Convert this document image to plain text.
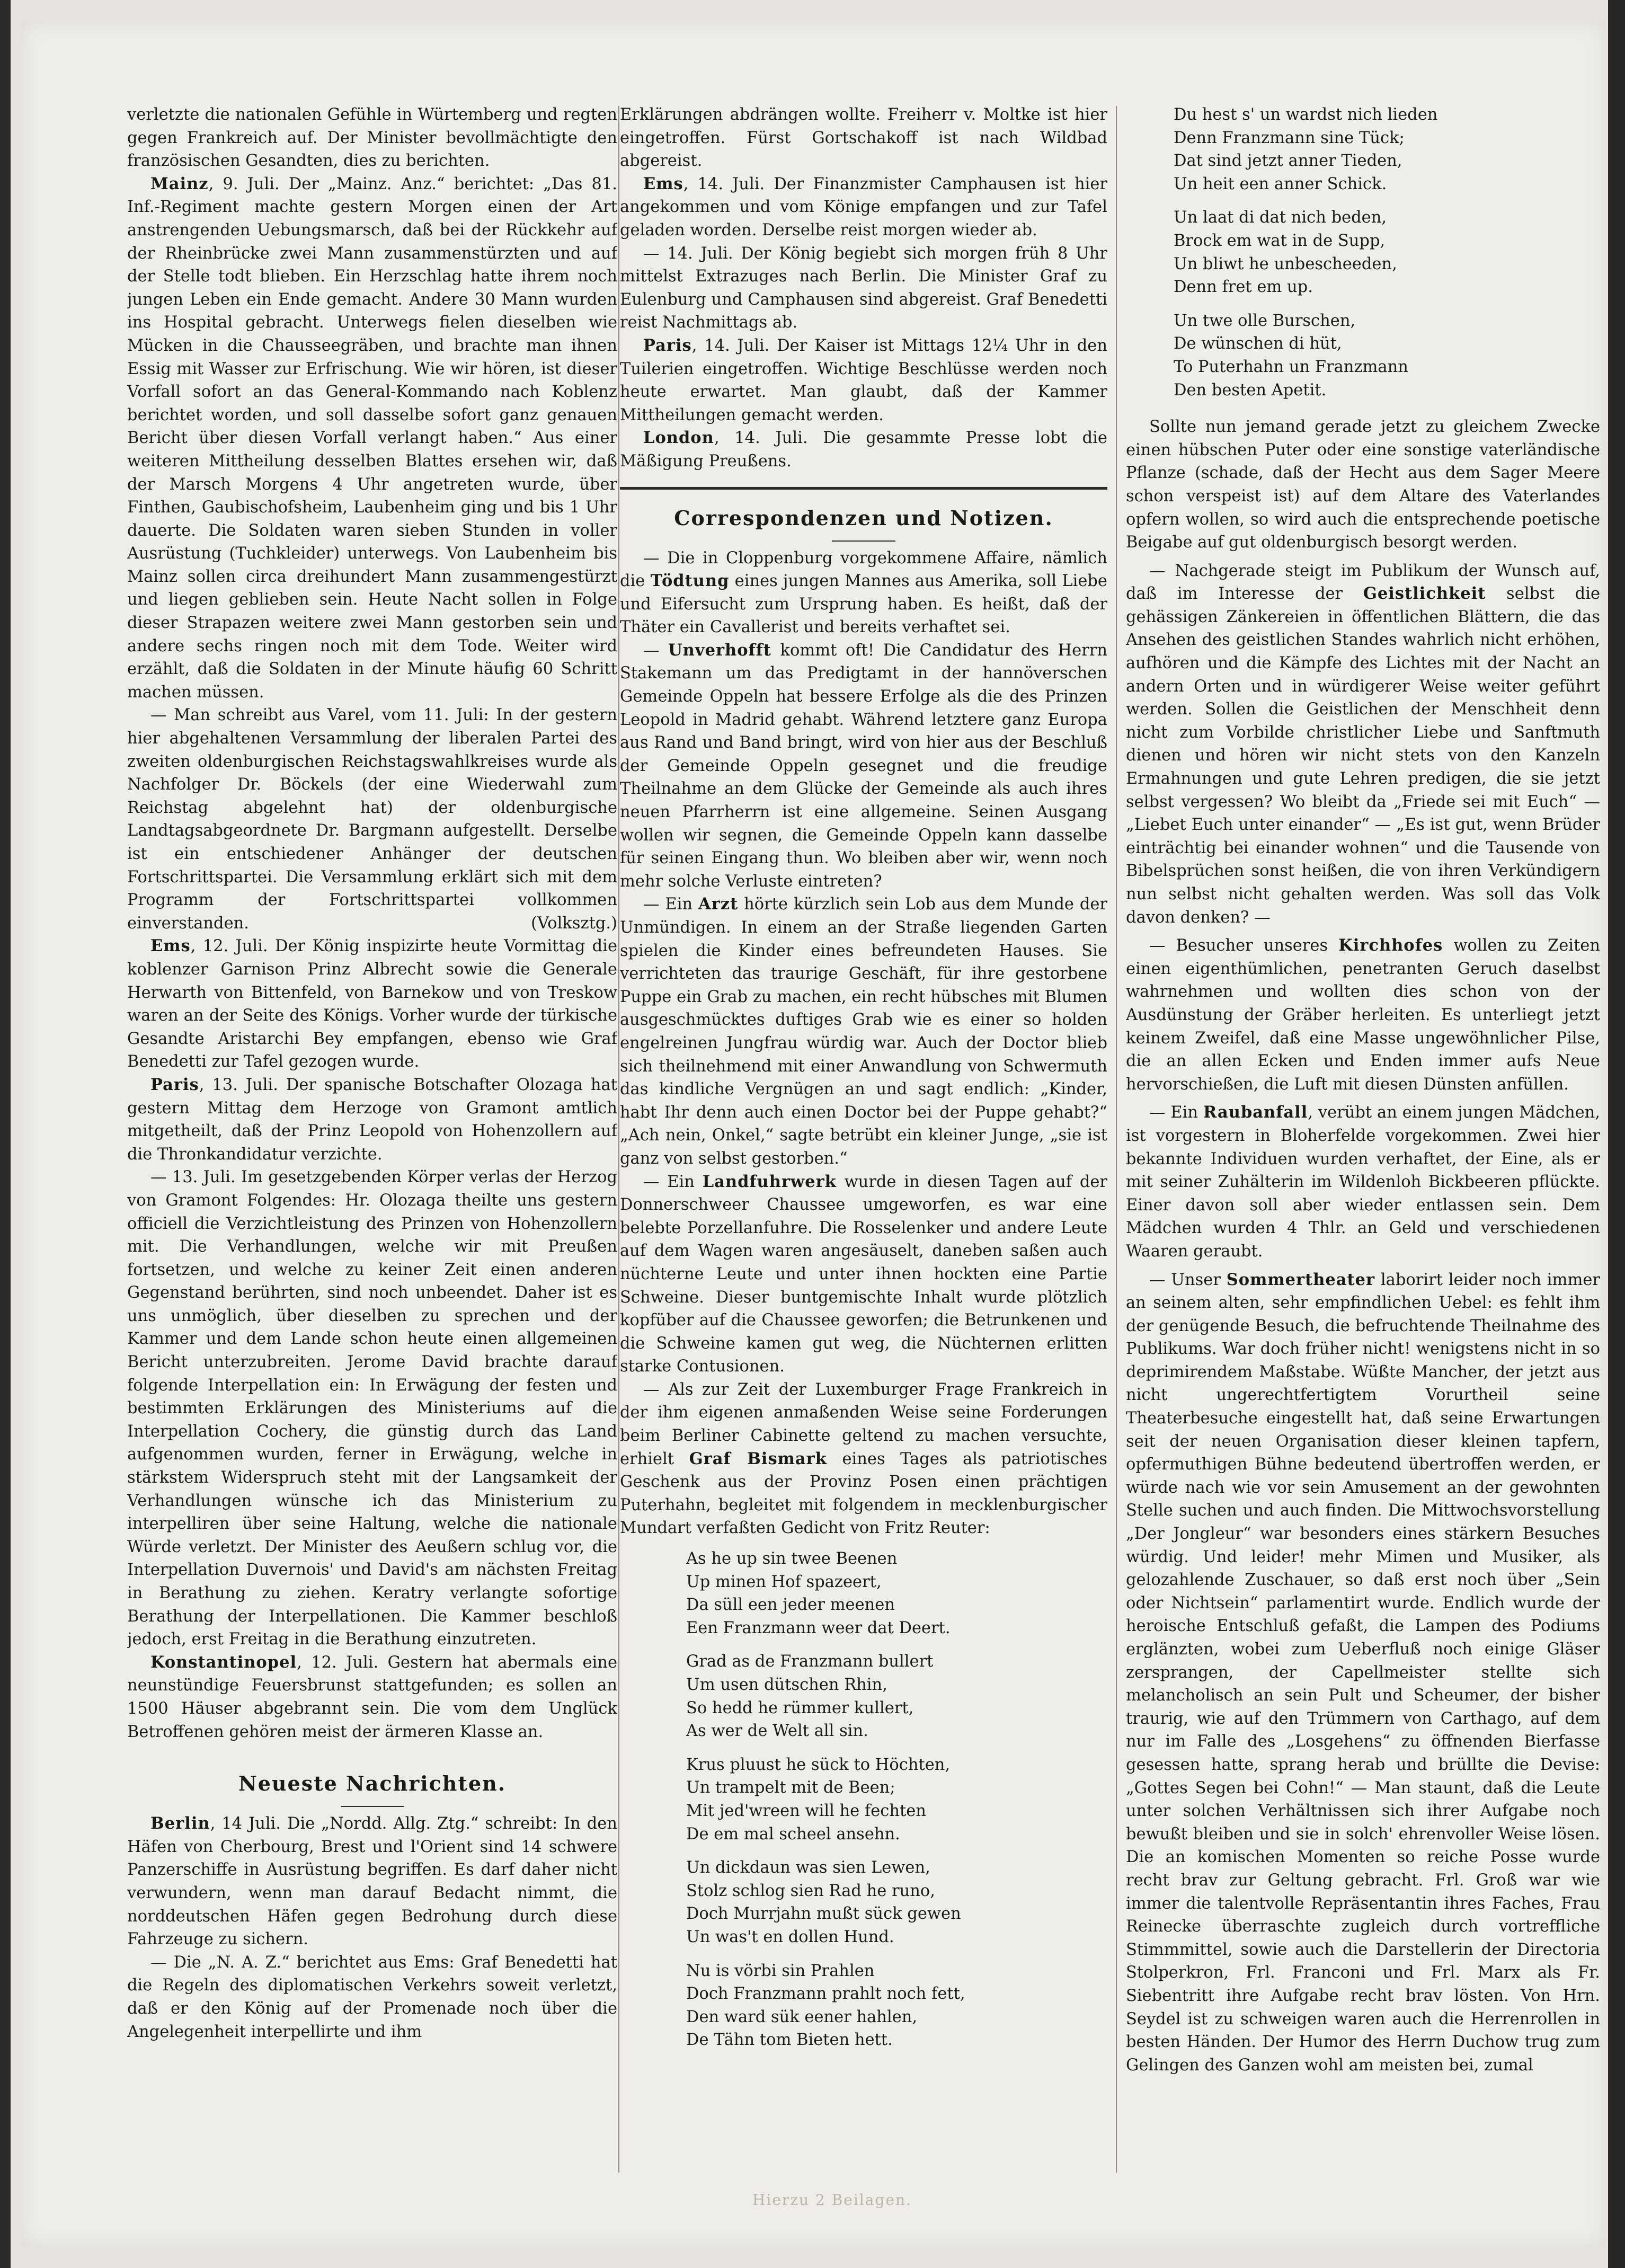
verletzte die nationalen Gefühle in Würtemberg und regten gegen Frankreich auf. Der Minister bevollmächtigte den französischen Gesandten, dies zu berichten.

Mainz, 9. Juli. Der „Mainz. Anz.“ berichtet: „Das 81. Inf.-Regiment machte gestern Morgen einen der Art anstrengenden Uebungsmarsch, daß bei der Rückkehr auf der Rheinbrücke zwei Mann zusammenstürzten und auf der Stelle todt blieben. Ein Herzschlag hatte ihrem noch jungen Leben ein Ende gemacht. Andere 30 Mann wurden ins Hospital gebracht. Unterwegs fielen dieselben wie Mücken in die Chausseegräben, und brachte man ihnen Essig mit Wasser zur Erfrischung. Wie wir hören, ist dieser Vorfall sofort an das General-Kommando nach Koblenz berichtet worden, und soll dasselbe sofort ganz genauen Bericht über diesen Vorfall verlangt haben.“ Aus einer weiteren Mittheilung desselben Blattes ersehen wir, daß der Marsch Morgens 4 Uhr angetreten wurde, über Finthen, Gaubischofsheim, Laubenheim ging und bis 1 Uhr dauerte. Die Soldaten waren sieben Stunden in voller Ausrüstung (Tuchkleider) unterwegs. Von Laubenheim bis Mainz sollen circa dreihundert Mann zusammengestürzt und liegen geblieben sein. Heute Nacht sollen in Folge dieser Strapazen weitere zwei Mann gestorben sein und andere sechs ringen noch mit dem Tode. Weiter wird erzählt, daß die Soldaten in der Minute häufig 60 Schritt machen müssen.

— Man schreibt aus Varel, vom 11. Juli: In der gestern hier abgehaltenen Versammlung der liberalen Partei des zweiten oldenburgischen Reichstagswahlkreises wurde als Nachfolger Dr. Böckels (der eine Wiederwahl zum Reichstag abgelehnt hat) der oldenburgische Landtagsabgeordnete Dr. Bargmann aufgestellt. Derselbe ist ein entschiedener Anhänger der deutschen Fortschrittspartei. Die Versammlung erklärt sich mit dem Programm der Fortschrittspartei vollkommen einverstanden.	(Volksztg.)

Ems, 12. Juli. Der König inspizirte heute Vormittag die koblenzer Garnison Prinz Albrecht sowie die Generale Herwarth von Bittenfeld, von Barnekow und von Treskow waren an der Seite des Königs. Vorher wurde der türkische Gesandte Aristarchi Bey empfangen, ebenso wie Graf Benedetti zur Tafel gezogen wurde.

Paris, 13. Juli. Der spanische Botschafter Olozaga hat gestern Mittag dem Herzoge von Gramont amtlich mitgetheilt, daß der Prinz Leopold von Hohenzollern auf die Thronkandidatur verzichte.

— 13. Juli. Im gesetzgebenden Körper verlas der Herzog von Gramont Folgendes: Hr. Olozaga theilte uns gestern officiell die Verzichtleistung des Prinzen von Hohenzollern mit. Die Verhandlungen, welche wir mit Preußen fortsetzen, und welche zu keiner Zeit einen anderen Gegenstand berührten, sind noch unbeendet. Daher ist es uns unmöglich, über dieselben zu sprechen und der Kammer und dem Lande schon heute einen allgemeinen Bericht unterzubreiten. Jerome David brachte darauf folgende Interpellation ein: In Erwägung der festen und bestimmten Erklärungen des Ministeriums auf die Interpellation Cochery, die günstig durch das Land aufgenommen wurden, ferner in Erwägung, welche in stärkstem Widerspruch steht mit der Langsamkeit der Verhandlungen wünsche ich das Ministerium zu interpelliren über seine Haltung, welche die nationale Würde verletzt. Der Minister des Aeußern schlug vor, die Interpellation Duvernois' und David's am nächsten Freitag in Berathung zu ziehen. Keratry verlangte sofortige Berathung der Interpellationen. Die Kammer beschloß jedoch, erst Freitag in die Berathung einzutreten.

Konstantinopel, 12. Juli. Gestern hat abermals eine neunstündige Feuersbrunst stattgefunden; es sollen an 1500 Häuser abgebrannt sein. Die vom dem Unglück Betroffenen gehören meist der ärmeren Klasse an.

Neueste Nachrichten.

Berlin, 14 Juli. Die „Nordd. Allg. Ztg.“ schreibt: In den Häfen von Cherbourg, Brest und l'Orient sind 14 schwere Panzerschiffe in Ausrüstung begriffen. Es darf daher nicht verwundern, wenn man darauf Bedacht nimmt, die norddeutschen Häfen gegen Bedrohung durch diese Fahrzeuge zu sichern.

— Die „N. A. Z.“ berichtet aus Ems: Graf Benedetti hat die Regeln des diplomatischen Verkehrs soweit verletzt, daß er den König auf der Promenade noch über die Angelegenheit interpellirte und ihm

Erklärungen abdrängen wollte. Freiherr v. Moltke ist hier eingetroffen. Fürst Gortschakoff ist nach Wildbad abgereist.

Ems, 14. Juli. Der Finanzmister Camphausen ist hier angekommen und vom Könige empfangen und zur Tafel geladen worden. Derselbe reist morgen wieder ab.

— 14. Juli. Der König begiebt sich morgen früh 8 Uhr mittelst Extrazuges nach Berlin. Die Minister Graf zu Eulenburg und Camphausen sind abgereist. Graf Benedetti reist Nachmittags ab.

Paris, 14. Juli. Der Kaiser ist Mittags 12¼ Uhr in den Tuilerien eingetroffen. Wichtige Beschlüsse werden noch heute erwartet. Man glaubt, daß der Kammer Mittheilungen gemacht werden.

London, 14. Juli. Die gesammte Presse lobt die Mäßigung Preußens.

Correspondenzen und Notizen.

— Die in Cloppenburg vorgekommene Affaire, nämlich die Tödtung eines jungen Mannes aus Amerika, soll Liebe und Eifersucht zum Ursprung haben. Es heißt, daß der Thäter ein Cavallerist und bereits verhaftet sei.

— Unverhofft kommt oft! Die Candidatur des Herrn Stakemann um das Predigtamt in der hannöverschen Gemeinde Oppeln hat bessere Erfolge als die des Prinzen Leopold in Madrid gehabt. Während letztere ganz Europa aus Rand und Band bringt, wird von hier aus der Beschluß der Gemeinde Oppeln gesegnet und die freudige Theilnahme an dem Glücke der Gemeinde als auch ihres neuen Pfarrherrn ist eine allgemeine. Seinen Ausgang wollen wir segnen, die Gemeinde Oppeln kann dasselbe für seinen Eingang thun. Wo bleiben aber wir, wenn noch mehr solche Verluste eintreten?

— Ein Arzt hörte kürzlich sein Lob aus dem Munde der Unmündigen. In einem an der Straße liegenden Garten spielen die Kinder eines befreundeten Hauses. Sie verrichteten das traurige Geschäft, für ihre gestorbene Puppe ein Grab zu machen, ein recht hübsches mit Blumen ausgeschmücktes duftiges Grab wie es einer so holden engelreinen Jungfrau würdig war. Auch der Doctor blieb sich theilnehmend mit einer Anwandlung von Schwermuth das kindliche Vergnügen an und sagt endlich: „Kinder, habt Ihr denn auch einen Doctor bei der Puppe gehabt?“ „Ach nein, Onkel,“ sagte betrübt ein kleiner Junge, „sie ist ganz von selbst gestorben.“

— Ein Landfuhrwerk wurde in diesen Tagen auf der Donnerschweer Chaussee umgeworfen, es war eine belebte Porzellanfuhre. Die Rosselenker und andere Leute auf dem Wagen waren angesäuselt, daneben saßen auch nüchterne Leute und unter ihnen hockten eine Partie Schweine. Dieser buntgemischte Inhalt wurde plötzlich kopfüber auf die Chaussee geworfen; die Betrunkenen und die Schweine kamen gut weg, die Nüchternen erlitten starke Contusionen.

— Als zur Zeit der Luxemburger Frage Frankreich in der ihm eigenen anmaßenden Weise seine Forderungen beim Berliner Cabinette geltend zu machen versuchte, erhielt Graf Bismark eines Tages als patriotisches Geschenk aus der Provinz Posen einen prächtigen Puterhahn, begleitet mit folgendem in mecklenburgischer Mundart verfaßten Gedicht von Fritz Reuter:

As he up sin twee Beenen
Up minen Hof spazeert,
Da süll een jeder meenen
Een Franzmann weer dat Deert.
Grad as de Franzmann bullert
Um usen dütschen Rhin,
So hedd he rümmer kullert,
As wer de Welt all sin.
Krus pluust he sück to Höchten,
Un trampelt mit de Been;
Mit jed'wreen will he fechten
De em mal scheel ansehn.
Un dickdaun was sien Lewen,
Stolz schlog sien Rad he runo,
Doch Murrjahn mußt sück gewen
Un was't en dollen Hund.
Nu is vörbi sin Prahlen
Doch Franzmann prahlt noch fett,
Den ward sük eener hahlen,
De Tähn tom Bieten hett.
Du hest s' un wardst nich lieden
Denn Franzmann sine Tück;
Dat sind jetzt anner Tieden,
Un heit een anner Schick.
Un laat di dat nich beden,
Brock em wat in de Supp,
Un bliwt he unbescheeden,
Denn fret em up.
Un twe olle Burschen,
De wünschen di hüt,
To Puterhahn un Franzmann
Den besten Apetit.

Sollte nun jemand gerade jetzt zu gleichem Zwecke einen hübschen Puter oder eine sonstige vaterländische Pflanze (schade, daß der Hecht aus dem Sager Meere schon verspeist ist) auf dem Altare des Vaterlandes opfern wollen, so wird auch die entsprechende poetische Beigabe auf gut oldenburgisch besorgt werden.

— Nachgerade steigt im Publikum der Wunsch auf, daß im Interesse der Geistlichkeit selbst die gehässigen Zänkereien in öffentlichen Blättern, die das Ansehen des geistlichen Standes wahrlich nicht erhöhen, aufhören und die Kämpfe des Lichtes mit der Nacht an andern Orten und in würdigerer Weise weiter geführt werden. Sollen die Geistlichen der Menschheit denn nicht zum Vorbilde christlicher Liebe und Sanftmuth dienen und hören wir nicht stets von den Kanzeln Ermahnungen und gute Lehren predigen, die sie jetzt selbst vergessen? Wo bleibt da „Friede sei mit Euch“ — „Liebet Euch unter einander“ — „Es ist gut, wenn Brüder einträchtig bei einander wohnen“ und die Tausende von Bibelsprüchen sonst heißen, die von ihren Verkündigern nun selbst nicht gehalten werden. Was soll das Volk davon denken? —

— Besucher unseres Kirchhofes wollen zu Zeiten einen eigenthümlichen, penetranten Geruch daselbst wahrnehmen und wollten dies schon von der Ausdünstung der Gräber herleiten. Es unterliegt jetzt keinem Zweifel, daß eine Masse ungewöhnlicher Pilse, die an allen Ecken und Enden immer aufs Neue hervorschießen, die Luft mit diesen Dünsten anfüllen.

— Ein Raubanfall, verübt an einem jungen Mädchen, ist vorgestern in Bloherfelde vorgekommen. Zwei hier bekannte Individuen wurden verhaftet, der Eine, als er mit seiner Zuhälterin im Wildenloh Bickbeeren pflückte. Einer davon soll aber wieder entlassen sein. Dem Mädchen wurden 4 Thlr. an Geld und verschiedenen Waaren geraubt.

— Unser Sommertheater laborirt leider noch immer an seinem alten, sehr empfindlichen Uebel: es fehlt ihm der genügende Besuch, die befruchtende Theilnahme des Publikums. War doch früher nicht! wenigstens nicht in so deprimirendem Maßstabe. Wüßte Mancher, der jetzt aus nicht ungerechtfertigtem Vorurtheil seine Theaterbesuche eingestellt hat, daß seine Erwartungen seit der neuen Organisation dieser kleinen tapfern, opfermuthigen Bühne bedeutend übertroffen werden, er würde nach wie vor sein Amusement an der gewohnten Stelle suchen und auch finden. Die Mittwochsvorstellung „Der Jongleur“ war besonders eines stärkern Besuches würdig. Und leider! mehr Mimen und Musiker, als gelozahlende Zuschauer, so daß erst noch über „Sein oder Nichtsein“ parlamentirt wurde. Endlich wurde der heroische Entschluß gefaßt, die Lampen des Podiums erglänzten, wobei zum Ueberfluß noch einige Gläser zersprangen, der Capellmeister stellte sich melancholisch an sein Pult und Scheumer, der bisher traurig, wie auf den Trümmern von Carthago, auf dem nur im Falle des „Losgehens“ zu öffnenden Bierfasse gesessen hatte, sprang herab und brüllte die Devise: „Gottes Segen bei Cohn!“ — Man staunt, daß die Leute unter solchen Verhältnissen sich ihrer Aufgabe noch bewußt bleiben und sie in solch' ehrenvoller Weise lösen. Die an komischen Momenten so reiche Posse wurde recht brav zur Geltung gebracht. Frl. Groß war wie immer die talentvolle Repräsentantin ihres Faches, Frau Reinecke überraschte zugleich durch vortreffliche Stimmmittel, sowie auch die Darstellerin der Directoria Stolperkron, Frl. Franconi und Frl. Marx als Fr. Siebentritt ihre Aufgabe recht brav lösten. Von Hrn. Seydel ist zu schweigen waren auch die Herrenrollen in besten Händen. Der Humor des Herrn Duchow trug zum Gelingen des Ganzen wohl am meisten bei, zumal

Hierzu 2 Beilagen.
